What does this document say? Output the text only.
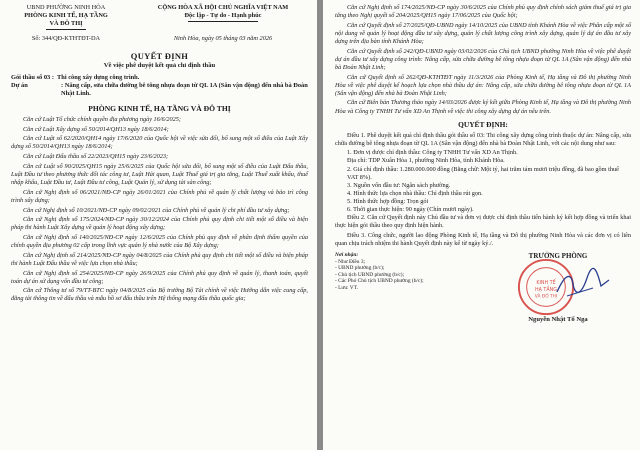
UBND PHƯỜNG NINH HÒA
PHÒNG KINH TẾ, HẠ TẦNG
VÀ ĐÔ THỊ
CỘNG HÒA XÃ HỘI CHỦ NGHĨA VIỆT NAM
Độc lập - Tự do - Hạnh phúc
Số: 344/QĐ-KTHTĐT-DA	Ninh Hòa, ngày 05 tháng 03 năm 2026
QUYẾT ĐỊNH
Về việc phê duyệt kết quả chỉ định thầu
Gói thầu số 03 : Thi công xây dựng công trình.
Dự án	: Nâng cấp, sửa chữa đường bê tông nhựa đoạn từ QL 1A (Sân vận động) đến nhà bà Đoàn Nhật Linh.
PHÒNG KINH TẾ, HẠ TẦNG VÀ ĐÔ THỊ

Căn cứ Luật Tổ chức chính quyền địa phương ngày 16/6/2025;

Căn cứ Luật Xây dựng số 50/2014/QH13 ngày 18/6/2014;

Căn cứ Luật số 62/2020/QH14 ngày 17/6/2020 của Quốc hội về việc sửa đổi, bổ sung một số điều của Luật Xây dựng số 50/2014/QH13 ngày 18/6/2014;

Căn cứ Luật Đấu thầu số 22/2023/QH15 ngày 23/6/2023;

Căn cứ Luật số 90/2025/QH15 ngày 25/6/2025 của Quốc hội sửa đổi, bổ sung một số điều của Luật Đấu thầu, Luật Đầu tư theo phương thức đối tác công tư, Luật Hải quan, Luật Thuế giá trị gia tăng, Luật Thuế xuất khẩu, thuế nhập khẩu, Luật Đầu tư, Luật Đầu tư công, Luật Quản lý, sử dụng tài sản công;

Căn cứ Nghị định số 06/2021/NĐ-CP ngày 26/01/2021 của Chính phủ về quản lý chất lượng và bảo trì công trình xây dựng;

Căn cứ Nghị định số 10/2021/NĐ-CP ngày 09/02/2021 của Chính phủ về quản lý chi phí đầu tư xây dựng;

Căn cứ Nghị định số 175/2024/NĐ-CP ngày 30/12/2024 của Chính phủ quy định chi tiết một số điều và biện pháp thi hành Luật Xây dựng về quản lý hoạt động xây dựng;

Căn cứ Nghị định số 140/2025/NĐ-CP ngày 12/6/2025 của Chính phủ quy định về phân định thẩm quyền của chính quyền địa phương 02 cấp trong lĩnh vực quản lý nhà nước của Bộ Xây dựng;

Căn cứ Nghị định số 214/2025/NĐ-CP ngày 04/8/2025 của Chính phủ quy định chi tiết một số điều và biện pháp thi hành Luật Đấu thầu về việc lựa chọn nhà thầu;

Căn cứ Nghị định số 254/2025/NĐ-CP ngày 26/9/2025 của Chính phủ quy định về quản lý, thanh toán, quyết toán dự án sử dụng vốn đầu tư công;

Căn cứ Thông tư số 79/TT-BTC ngày 04/8/2025 của Bộ trưởng Bộ Tài chính về việc Hướng dẫn việc cung cấp, đăng tải thông tin về đấu thầu và mẫu hồ sơ đấu thầu trên Hệ thống mạng đấu thầu quốc gia;

Căn cứ Nghị định số 174/2025/NĐ-CP ngày 30/6/2025 của Chính phủ quy định chính sách giảm thuế giá trị gia tăng theo Nghị quyết số 204/2025/QH15 ngày 17/06/2025 của Quốc hội;

Căn cứ Quyết định số 27/2025/QĐ-UBND ngày 14/10/2025 của UBND tỉnh Khánh Hòa về việc Phân cấp một số nội dung về quản lý hoạt động đầu tư xây dựng, quản lý chất lượng công trình xây dựng, quản lý dự án đầu tư xây dựng trên địa bàn tỉnh Khánh Hòa;

Căn cứ Quyết định số 242/QĐ-UBND ngày 03/02/2026 của Chủ tịch UBND phường Ninh Hòa về việc phê duyệt dự án đầu tư xây dựng công trình: Nâng cấp, sửa chữa đường bê tông nhựa đoạn từ QL 1A (Sân vận động) đến nhà bà Đoàn Nhật Linh;

Căn cứ Quyết định số 262/QĐ-KTHTĐT ngày 11/3/2026 của Phòng Kinh tế, Hạ tầng và Đô thị phường Ninh Hòa về việc phê duyệt kế hoạch lựa chọn nhà thầu dự án: Nâng cấp, sửa chữa đường bê tông nhựa đoạn từ QL 1A (Sân vận động) đến nhà bà Đoàn Nhật Linh;

Căn cứ Biên bản Thương thảo ngày 14/03/2026 được ký kết giữa Phòng Kinh tế, Hạ tầng và Đô thị phường Ninh Hòa và Công ty TNHH Tư vấn XD An Thịnh về việc thi công xây dựng dự án nêu trên.

QUYẾT ĐỊNH:

Điều 1. Phê duyệt kết quả chỉ định thầu gói thầu số 03: Thi công xây dựng công trình thuộc dự án: Nâng cấp, sửa chữa đường bê tông nhựa đoạn từ QL 1A (Sân vận động) đến nhà bà Đoàn Nhật Linh, với các nội dung như sau:

1. Đơn vị được chỉ định thầu: Công ty TNHH Tư vấn XD An Thịnh.
Địa chỉ: TDP Xuân Hòa 1, phường Ninh Hòa, tỉnh Khánh Hòa.
2. Giá chỉ định thầu: 1.280.000.000 đồng (Bằng chữ: Một tỷ, hai trăm tám mươi triệu đồng, đã bao gồm thuế VAT 8%).
3. Nguồn vốn đầu tư: Ngân sách phường.
4. Hình thức lựa chọn nhà thầu: Chỉ định thầu rút gọn.
5. Hình thức hợp đồng: Trọn gói
6. Thời gian thực hiện: 90 ngày (Chín mươi ngày).

Điều 2. Căn cứ Quyết định này Chủ đầu tư và đơn vị được chỉ định thầu tiến hành ký kết hợp đồng và triển khai thực hiện gói thầu theo quy định hiện hành.

Điều 3. Công chức, người lao động Phòng Kinh tế, Hạ tầng và Đô thị phường Ninh Hòa và các đơn vị có liên quan chịu trách nhiệm thi hành Quyết định này kể từ ngày ký./.

Nơi nhận:
- Như Điều 3;
- UBND phường (b/c);
- Chủ tịch UBND phường (b/c);
- Các Phó Chủ tịch UBND phường (b/c);
- Lưu: VT.
TRƯỞNG PHÒNG
KINH TẾ
HẠ TẦNG
VÀ ĐÔ THỊ
Nguyễn Nhật Tố Nga
